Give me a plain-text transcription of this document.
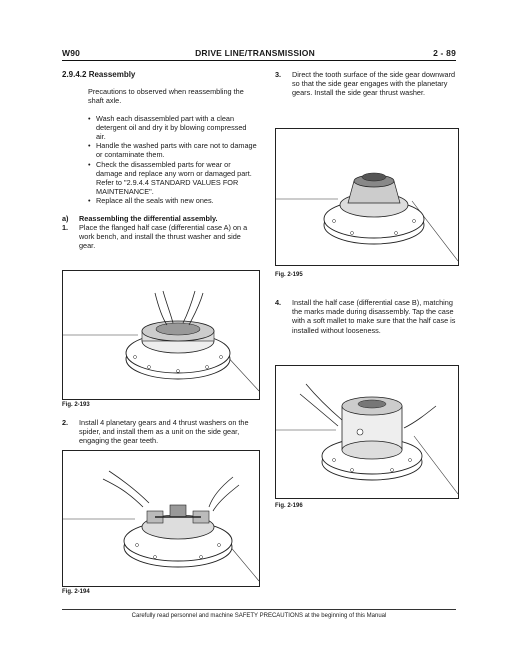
W90	DRIVE LINE/TRANSMISSION	2 - 89
2.9.4.2 Reassembly

Precautions to observed when reassembling the shaft axle.

• Wash each disassembled part with a clean detergent oil and dry it by blowing compressed air.
• Handle the washed parts with care not to damage or contaminate them.
• Check the disassembled parts for wear or damage and replace any worn or damaged part. Refer to "2.9.4.4 STANDARD VALUES FOR MAINTENANCE".
• Replace all the seals with new ones.
a) Reassembling the differential assembly.
1. Place the flanged half case (differential case A) on a work bench, and install the thrust washer and side gear.
Fig. 2-193
2. Install 4 planetary gears and 4 thrust washers on the spider, and install them as a unit on the side gear, engaging the gear teeth.
Fig. 2-194
3. Direct the tooth surface of the side gear downward so that the side gear engages with the planetary gears. Install the side gear thrust washer.
Fig. 2-195
4. Install the half case (differential case B), matching the marks made during disassembly. Tap the case with a soft mallet to make sure that the half case is installed without looseness.
Fig. 2-196
Carefully read personnel and machine SAFETY PRECAUTIONS at the beginning of this Manual
